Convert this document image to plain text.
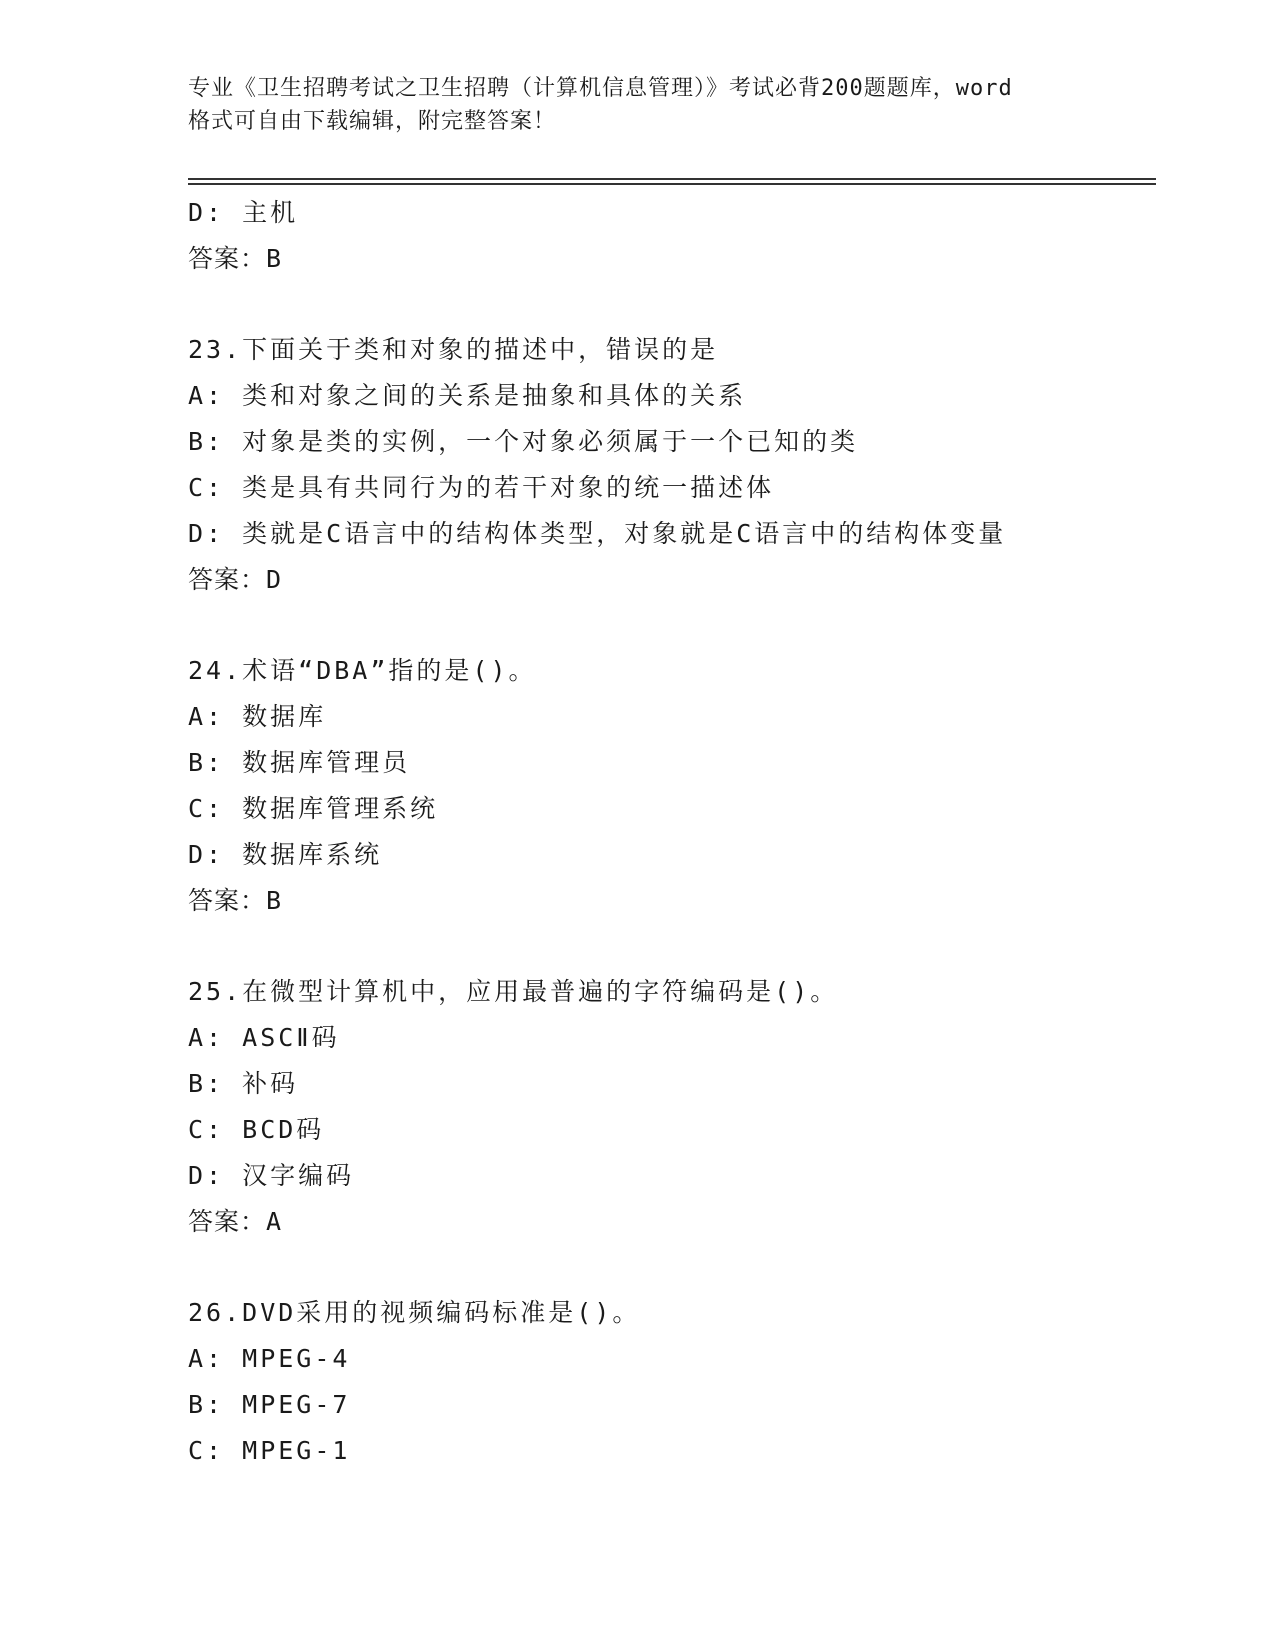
专业《卫生招聘考试之卫生招聘（计算机信息管理）》考试必背200题题库，word
格式可自由下载编辑，附完整答案！
D: 主机
答案：B
23.下面关于类和对象的描述中，错误的是
A: 类和对象之间的关系是抽象和具体的关系
B: 对象是类的实例，一个对象必须属于一个已知的类
C: 类是具有共同行为的若干对象的统一描述体
D: 类就是C语言中的结构体类型，对象就是C语言中的结构体变量
答案：D
24.术语“DBA”指的是()。
A: 数据库
B: 数据库管理员
C: 数据库管理系统
D: 数据库系统
答案：B
25.在微型计算机中，应用最普遍的字符编码是()。
A: ASCⅡ码
B: 补码
C: BCD码
D: 汉字编码
答案：A
26.DVD采用的视频编码标准是()。
A: MPEG-4
B: MPEG-7
C: MPEG-1
